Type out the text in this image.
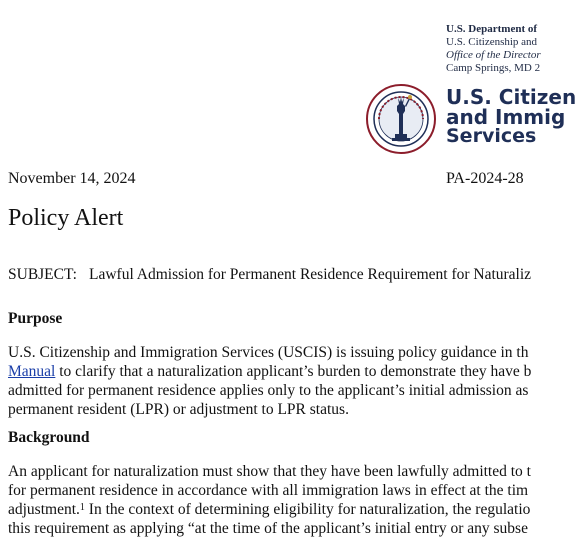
U.S. Department of
U.S. Citizenship and
Office of the Director
Camp Springs, MD 2
U.S. Citizen
and Immig
Services
November 14, 2024	PA-2024-28
Policy Alert
SUBJECT: Lawful Admission for Permanent Residence Requirement for Naturaliz
Purpose
U.S. Citizenship and Immigration Services (USCIS) is issuing policy guidance in th
Manual to clarify that a naturalization applicant’s burden to demonstrate they have b
admitted for permanent residence applies only to the applicant’s initial admission as
permanent resident (LPR) or adjustment to LPR status.
Background
An applicant for naturalization must show that they have been lawfully admitted to t
for permanent residence in accordance with all immigration laws in effect at the tim
adjustment.$^1$ In the context of determining eligibility for naturalization, the regulatio
this requirement as applying “at the time of the applicant’s initial entry or any subse
